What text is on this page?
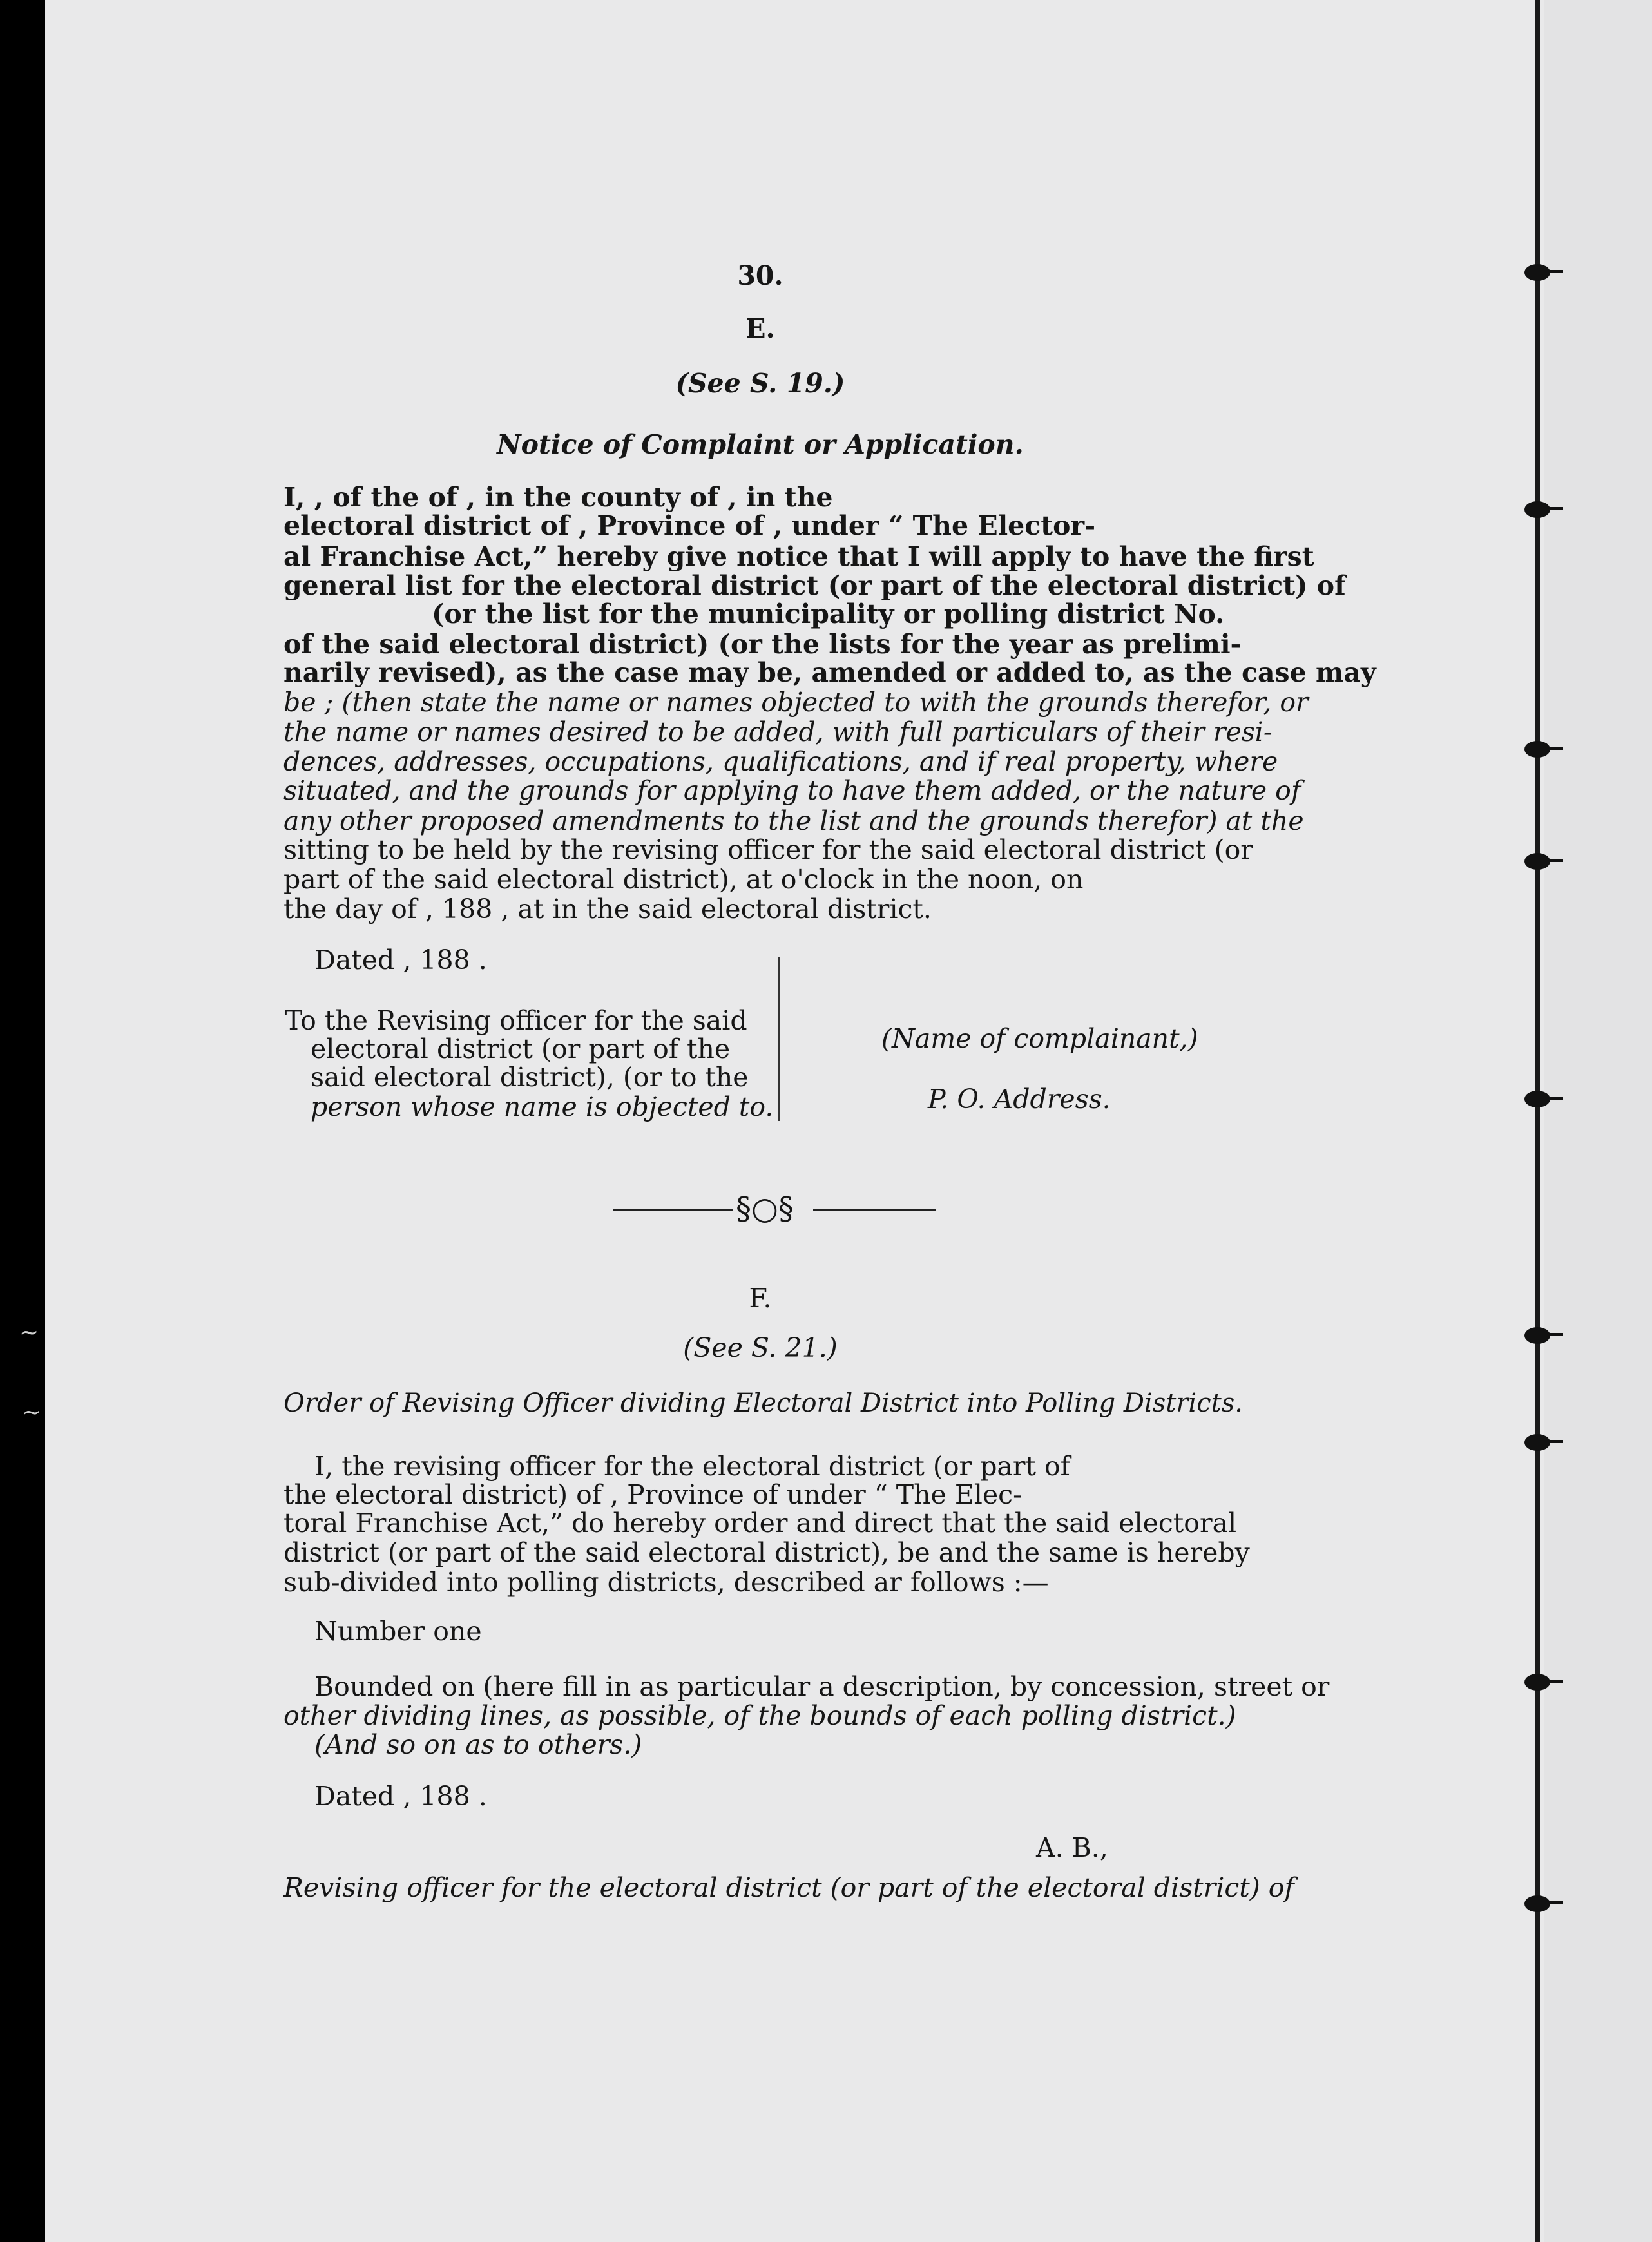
~
~
30.
E.
(See S. 19.)
Notice of Complaint or Application.
I, , of the of , in the county of , in the
electoral district of , Province of , under “ The Elector-
al Franchise Act,” hereby give notice that I will apply to have the first
general list for the electoral district (or part of the electoral district) of
(or the list for the municipality or polling district No.
of the said electoral district) (or the lists for the year as prelimi-
narily revised), as the case may be, amended or added to, as the case may
be ; (then state the name or names objected to with the grounds therefor, or
the name or names desired to be added, with full particulars of their resi-
dences, addresses, occupations, qualifications, and if real property, where
situated, and the grounds for applying to have them added, or the nature of
any other proposed amendments to the list and the grounds therefor) at the
sitting to be held by the revising officer for the said electoral district (or
part of the said electoral district), at o'clock in the noon, on
the day of , 188 , at in the said electoral district.
Dated , 188 .
To the Revising officer for the said
electoral district (or part of the
said electoral district), (or to the
person whose name is objected to.
(Name of complainant,)
P. O. Address.
§○§
F.
(See S. 21.)
Order of Revising Officer dividing Electoral District into Polling Districts.
I, the revising officer for the electoral district (or part of
the electoral district) of , Province of under “ The Elec-
toral Franchise Act,” do hereby order and direct that the said electoral
district (or part of the said electoral district), be and the same is hereby
sub-divided into polling districts, described ar follows :—
Number one
Bounded on (here fill in as particular a description, by concession, street or
other dividing lines, as possible, of the bounds of each polling district.)
(And so on as to others.)
Dated , 188 .
A. B.,
Revising officer for the electoral district (or part of the electoral district) of
